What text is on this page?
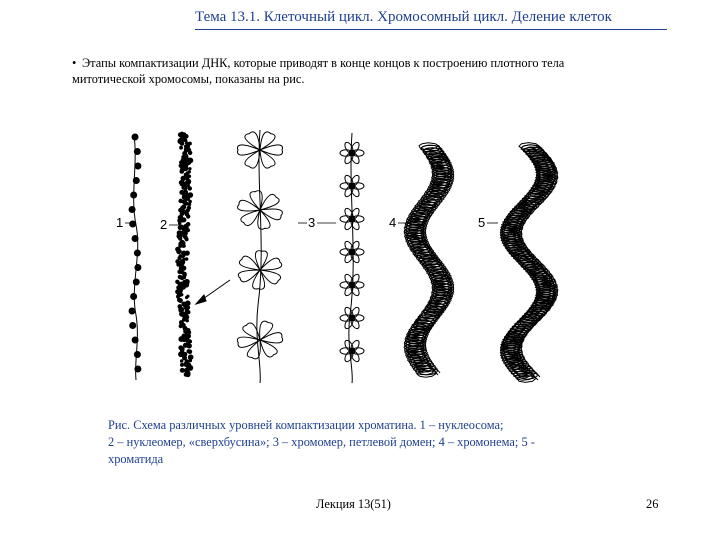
Тема 13.1. Клеточный цикл. Хромосомный цикл. Деление клеток
• Этапы компактизации ДНК, которые приводят в конце концов к построению плотного тела митотической хромосомы, показаны на рис.
1	2	3	4	5
Рис. Схема различных уровней компактизации хроматина. 1 – нуклеосома;
2 – нуклеомер, «сверхбусина»; 3 – хромомер, петлевой домен; 4 – хромонема; 5 -
хроматида
Лекция 13(51)	26
